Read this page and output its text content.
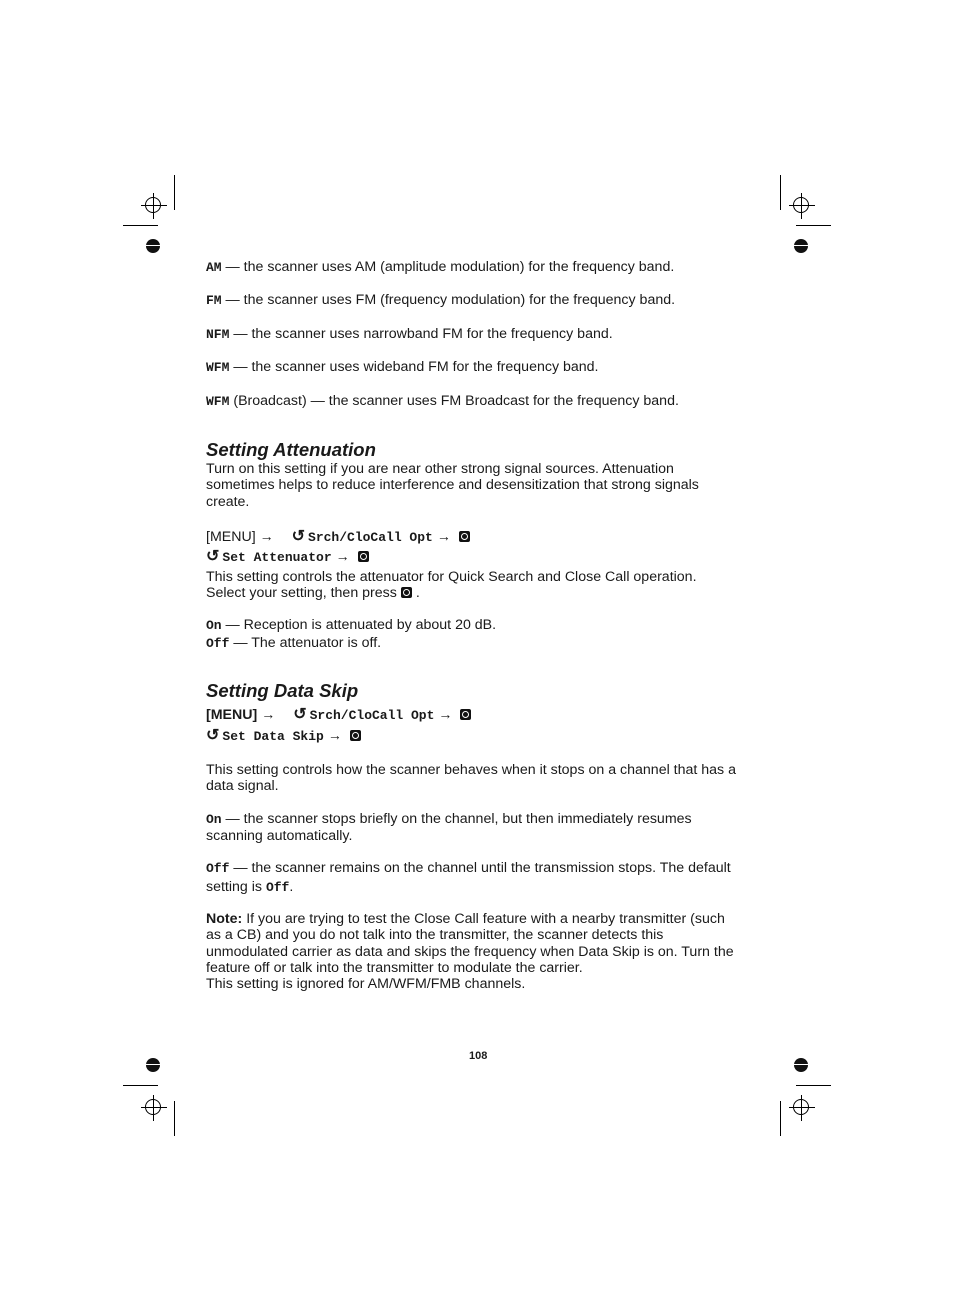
AM — the scanner uses AM (amplitude modulation) for the frequency band.
FM — the scanner uses FM (frequency modulation) for the frequency band.
NFM — the scanner uses narrowband FM for the frequency band.
WFM — the scanner uses wideband FM for the frequency band.
WFM (Broadcast) — the scanner uses FM Broadcast for the frequency band.
Setting Attenuation
Turn on this setting if you are near other strong signal sources. Attenuation
sometimes helps to reduce interference and desensitization that strong signals
create.
[MENU] → ↺ Srch/CloCall Opt →
↺ Set Attenuator →
This setting controls the attenuator for Quick Search and Close Call operation.
Select your setting, then press .
On — Reception is attenuated by about 20 dB.
Off — The attenuator is off.
Setting Data Skip
[MENU] → ↺ Srch/CloCall Opt →
↺ Set Data Skip →
This setting controls how the scanner behaves when it stops on a channel that has a
data signal.
On — the scanner stops briefly on the channel, but then immediately resumes
scanning automatically.
Off — the scanner remains on the channel until the transmission stops. The default
setting is Off.
Note: If you are trying to test the Close Call feature with a nearby transmitter (such
as a CB) and you do not talk into the transmitter, the scanner detects this
unmodulated carrier as data and skips the frequency when Data Skip is on. Turn the
feature off or talk into the transmitter to modulate the carrier.
This setting is ignored for AM/WFM/FMB channels.
108
